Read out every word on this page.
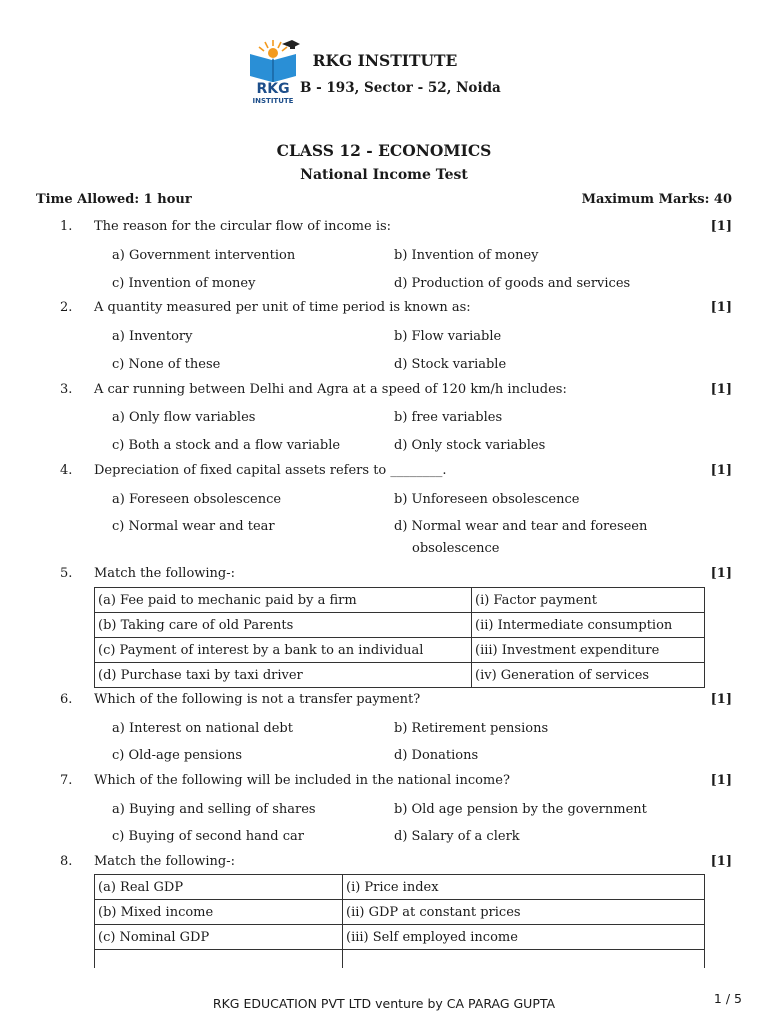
RKG
INSTITUTE
RKG INSTITUTE
B - 193, Sector - 52, Noida
CLASS 12 - ECONOMICS
National Income Test
Time Allowed: 1 hour	Maximum Marks: 40
1. The reason for the circular flow of income is:	[1]
a) Government intervention	b) Invention of money
c) Invention of money	d) Production of goods and services
2. A quantity measured per unit of time period is known as:	[1]
a) Inventory	b) Flow variable
c) None of these	d) Stock variable
3. A car running between Delhi and Agra at a speed of 120 km/h includes:	[1]
a) Only flow variables	b) free variables
c) Both a stock and a flow variable	d) Only stock variables
4. Depreciation of fixed capital assets refers to ________.	[1]
a) Foreseen obsolescence	b) Unforeseen obsolescence
c) Normal wear and tear	d) Normal wear and tear and foreseen
obsolescence
5. Match the following-:	[1]
(a) Fee paid to mechanic paid by a firm	(i) Factor payment
(b) Taking care of old Parents	(ii) Intermediate consumption
(c) Payment of interest by a bank to an individual	(iii) Investment expenditure
(d) Purchase taxi by taxi driver	(iv) Generation of services
6. Which of the following is not a transfer payment?	[1]
a) Interest on national debt	b) Retirement pensions
c) Old-age pensions	d) Donations
7. Which of the following will be included in the national income?	[1]
a) Buying and selling of shares	b) Old age pension by the government
c) Buying of second hand car	d) Salary of a clerk
8. Match the following-:	[1]
(a) Real GDP	(i) Price index
(b) Mixed income	(ii) GDP at constant prices
(c) Nominal GDP	(iii) Self employed income

RKG EDUCATION PVT LTD venture by CA PARAG GUPTA	1 / 5
